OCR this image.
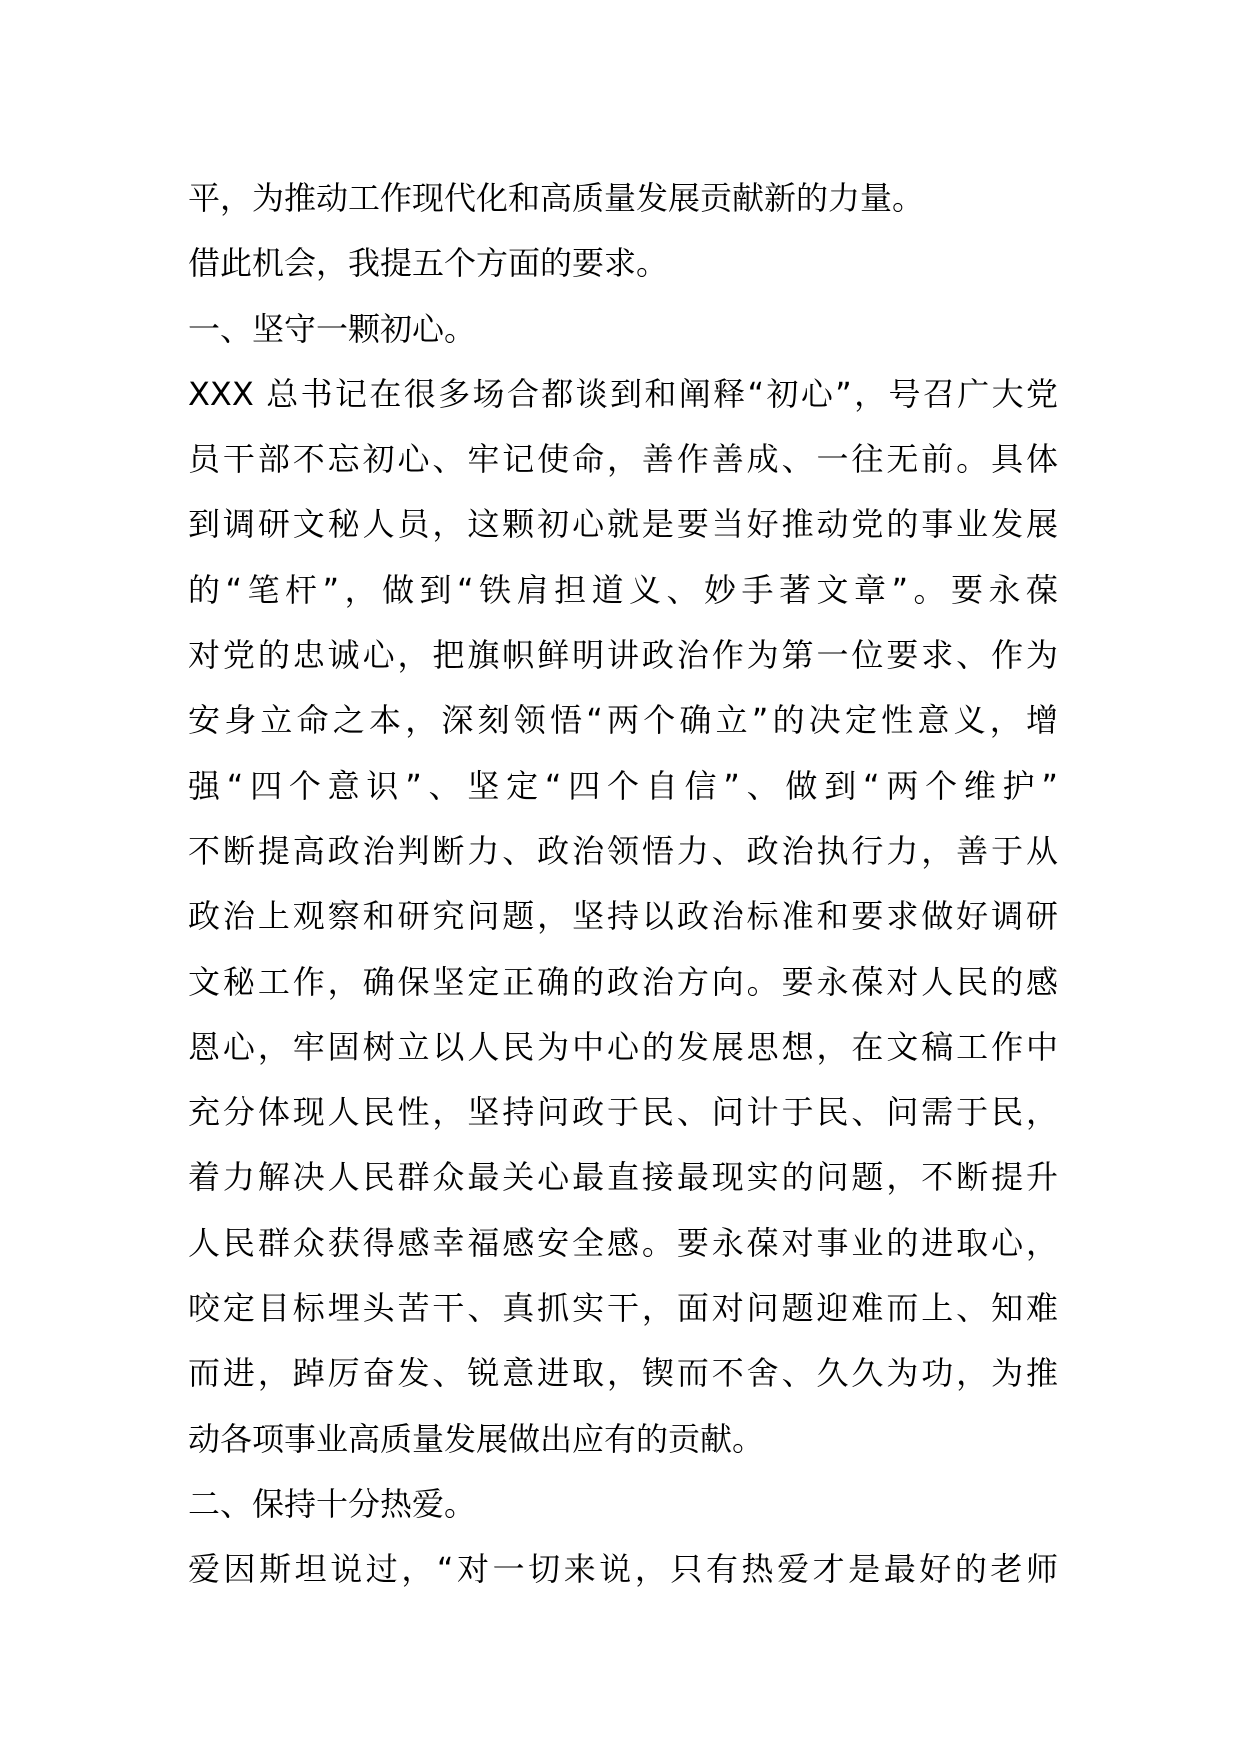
平，为推动工作现代化和高质量发展贡献新的力量。
借此机会，我提五个方面的要求。
一、坚守一颗初心。
XXX 总书记在很多场合都谈到和阐释“初心”，号召广大党
员干部不忘初心、牢记使命，善作善成、一往无前。具体
到调研文秘人员，这颗初心就是要当好推动党的事业发展
的“笔杆”，做到“铁肩担道义、妙手著文章”。要永葆
对党的忠诚心，把旗帜鲜明讲政治作为第一位要求、作为
安身立命之本，深刻领悟“两个确立”的决定性意义，增
强“四个意识”、坚定“四个自信”、做到“两个维护”
不断提高政治判断力、政治领悟力、政治执行力，善于从
政治上观察和研究问题，坚持以政治标准和要求做好调研
文秘工作，确保坚定正确的政治方向。要永葆对人民的感
恩心，牢固树立以人民为中心的发展思想，在文稿工作中
充分体现人民性，坚持问政于民、问计于民、问需于民，
着力解决人民群众最关心最直接最现实的问题，不断提升
人民群众获得感幸福感安全感。要永葆对事业的进取心，
咬定目标埋头苦干、真抓实干，面对问题迎难而上、知难
而进，踔厉奋发、锐意进取，锲而不舍、久久为功，为推
动各项事业高质量发展做出应有的贡献。
二、保持十分热爱。
爱因斯坦说过，“对一切来说，只有热爱才是最好的老师
